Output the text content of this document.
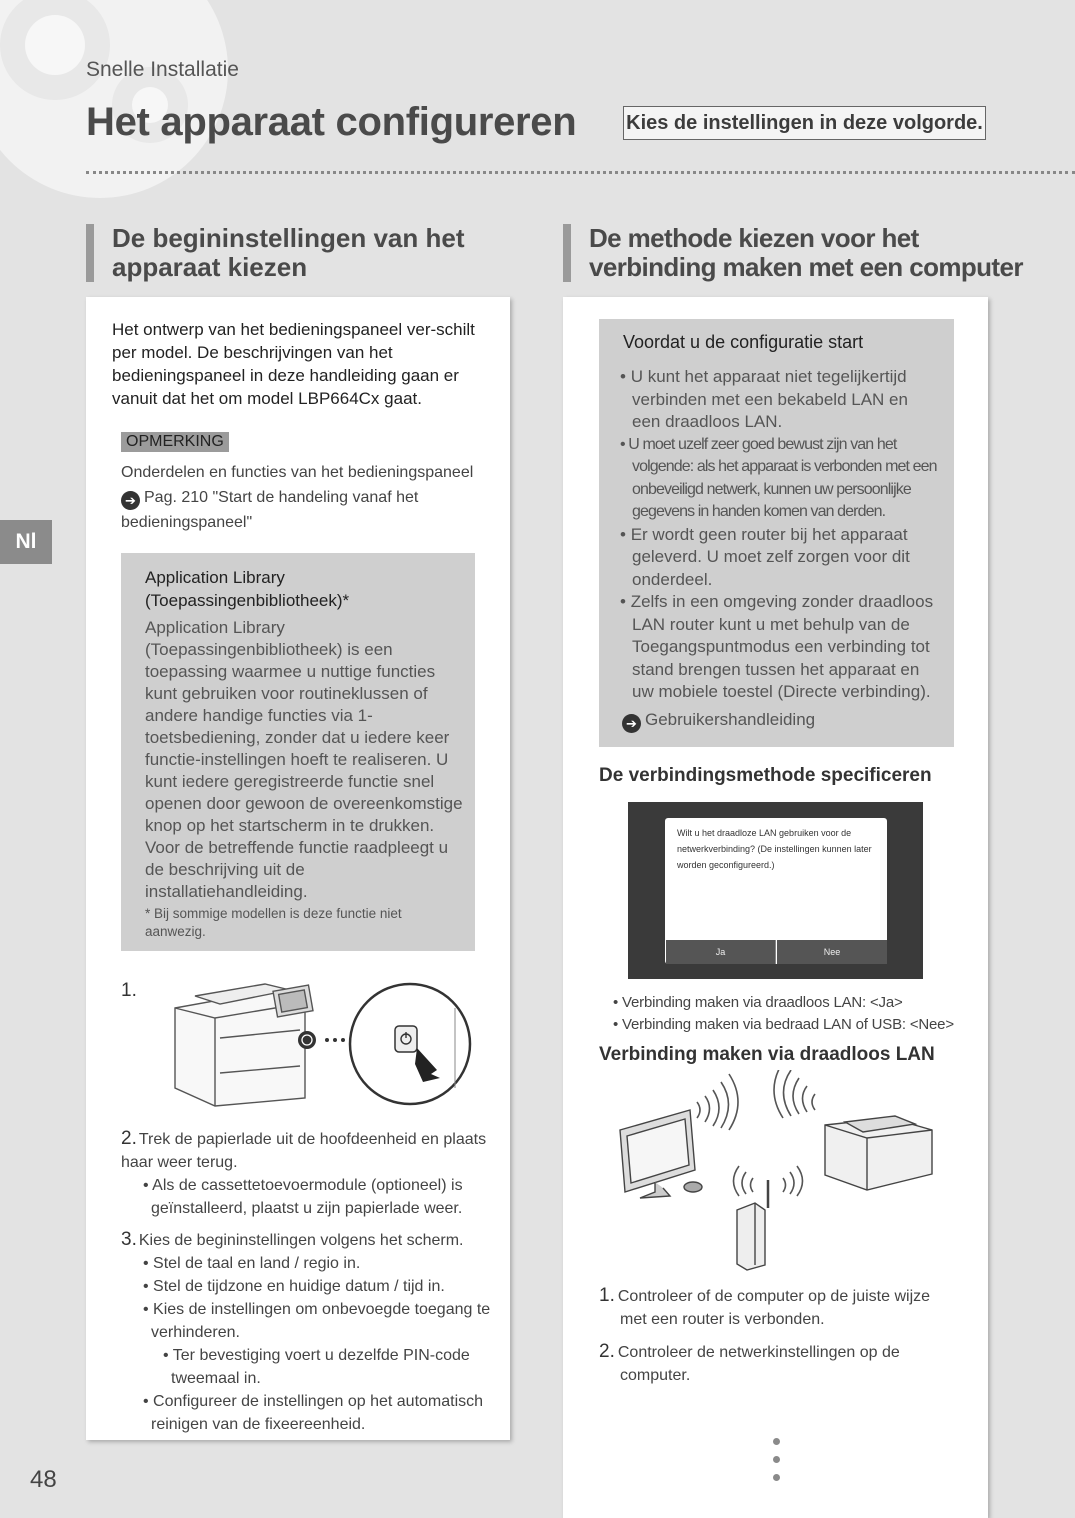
Snelle Installatie
Het apparaat configureren Kies de instellingen in deze volgorde.
Nl
48
De begininstellingen van het
apparaat kiezen
Het ontwerp van het bedieningspaneel ver-schilt per model. De beschrijvingen van het bedieningspaneel in deze handleiding gaan er vanuit dat het om model LBP664Cx gaat.
OPMERKING
Onderdelen en functies van het bedieningspaneel
➔ Pag. 210 "Start de handeling vanaf het
bedieningspaneel"
Application Library (Toepassingenbibliotheek)*
Application Library (Toepassingenbibliotheek) is een toepassing waarmee u nuttige functies kunt gebruiken voor routineklussen of andere handige functies via 1-toetsbediening, zonder dat u iedere keer functie-instellingen hoeft te realiseren. U kunt iedere geregistreerde functie snel openen door gewoon de overeenkomstige knop op het startscherm in te drukken. Voor de betreffende functie raadpleegt u de beschrijving uit de installatiehandleiding.
* Bij sommige modellen is deze functie niet aanwezig.
1.
2. Trek de papierlade uit de hoofdeenheid en plaats haar weer terug.
• Als de cassettetoevoermodule (optioneel) is geïnstalleerd, plaatst u zijn papierlade weer.
3. Kies de begininstellingen volgens het scherm.
• Stel de taal en land / regio in.
• Stel de tijdzone en huidige datum / tijd in.
• Kies de instellingen om onbevoegde toegang te verhinderen.
• Ter bevestiging voert u dezelfde PIN-code tweemaal in.
• Configureer de instellingen op het automatisch reinigen van de fixeereenheid.
De methode kiezen voor het
verbinding maken met een computer
Voordat u de configuratie start
• U kunt het apparaat niet tegelijkertijd verbinden met een bekabeld LAN en een draadloos LAN.
• U moet uzelf zeer goed bewust zijn van het volgende: als het apparaat is verbonden met een onbeveiligd netwerk, kunnen uw persoonlijke gegevens in handen komen van derden.
• Er wordt geen router bij het apparaat geleverd. U moet zelf zorgen voor dit onderdeel.
• Zelfs in een omgeving zonder draadloos LAN router kunt u met behulp van de Toegangspuntmodus een verbinding tot stand brengen tussen het apparaat en uw mobiele toestel (Directe verbinding).
➔ Gebruikershandleiding
De verbindingsmethode specificeren
Wilt u het draadloze LAN gebruiken voor de netwerkverbinding? (De instellingen kunnen later worden geconfigureerd.)
Ja	Nee
• Verbinding maken via draadloos LAN: <Ja>
• Verbinding maken via bedraad LAN of USB: <Nee>
Verbinding maken via draadloos LAN
1. Controleer of de computer op de juiste wijze met een router is verbonden.
2. Controleer de netwerkinstellingen op de computer.
